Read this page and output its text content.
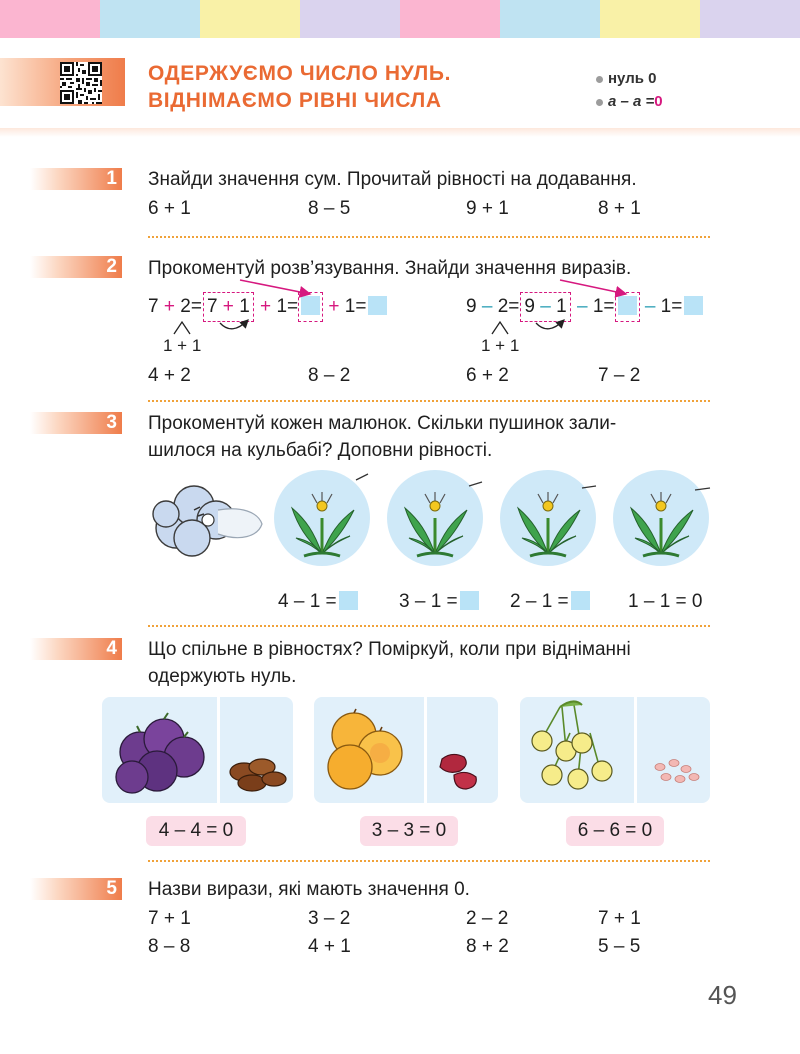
ОДЕРЖУЄМО ЧИСЛО НУЛЬ.
ВІДНІМАЄМО РІВНІ ЧИСЛА
нуль 0
a – a =0
1 Знайди значення сум. Прочитай рівності на додавання.
6 + 1	8 – 5	9 + 1	8 + 1
2 Прокоментуй розв’язування. Знайди значення виразів.
7 + 2= 7 + 1 + 1= + 1=
1 + 1
9 – 2= 9 – 1 – 1= – 1=
1 + 1
4 + 2	8 – 2	6 + 2	7 – 2
3 Прокоментуй кожен малюнок. Скільки пушинок зали-
шилося на кульбабі? Доповни рівності.
4 – 1 =	3 – 1 =	2 – 1 =	1 – 1 = 0
4 Що спільне в рівностях? Поміркуй, коли при відніманні
одержують нуль.
4 – 4 = 0	3 – 3 = 0	6 – 6 = 0
5 Назви вирази, які мають значення 0.
7 + 1	3 – 2	2 – 2	7 + 1
8 – 8	4 + 1	8 + 2	5 – 5
49
